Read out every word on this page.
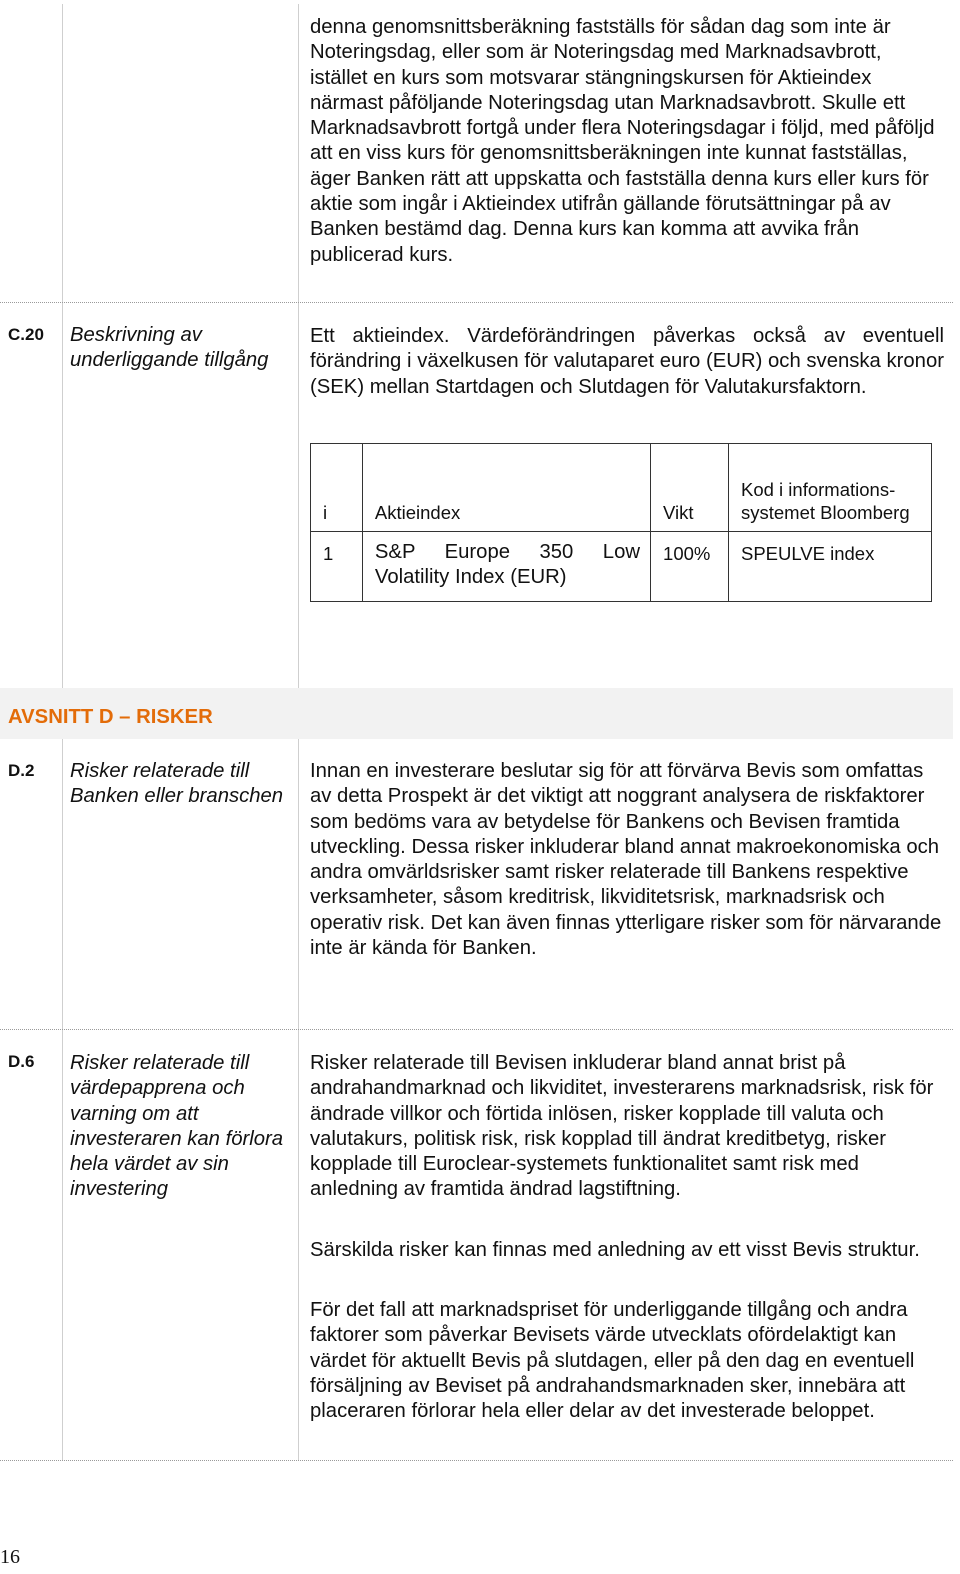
denna genomsnittsberäkning fastställs för sådan dag som inte är Noteringsdag, eller som är Noteringsdag med Marknadsavbrott, istället en kurs som motsvarar stängningskursen för Aktieindex närmast påföljande Noteringsdag utan Marknadsavbrott. Skulle ett Marknadsavbrott fortgå under flera Noteringsdagar i följd, med påföljd att en viss kurs för genomsnittsberäkningen inte kunnat fastställas, äger Banken rätt att uppskatta och fastställa denna kurs eller kurs för aktie som ingår i Aktieindex utifrån gällande förutsättningar på av Banken bestämd dag. Denna kurs kan komma att avvika från publicerad kurs.

C.20 Beskrivning av underliggande tillgång

Ett aktieindex. Värdeförändringen påverkas också av eventuell förändring i växelkusen för valutaparet euro (EUR) och svenska kronor (SEK) mellan Startdagen och Slutdagen för Valutakursfaktorn.

i	Aktieindex	Vikt	Kod i informations-systemet Bloomberg

1	S&P Europe 350 Low Volatility Index (EUR)	100%	SPEULVE index
AVSNITT D – RISKER
D.2 Risker relaterade till Banken eller branschen

Innan en investerare beslutar sig för att förvärva Bevis som omfattas av detta Prospekt är det viktigt att noggrant analysera de riskfaktorer som bedöms vara av betydelse för Bankens och Bevisen framtida utveckling. Dessa risker inkluderar bland annat makroekonomiska och andra omvärldsrisker samt risker relaterade till Bankens respektive verksamheter, såsom kreditrisk, likviditetsrisk, marknadsrisk och operativ risk. Det kan även finnas ytterligare risker som för närvarande inte är kända för Banken.

D.6 Risker relaterade till värdepapprena och varning om att investeraren kan förlora hela värdet av sin investering

Risker relaterade till Bevisen inkluderar bland annat brist på andrahandmarknad och likviditet, investerarens marknadsrisk, risk för ändrade villkor och förtida inlösen, risker kopplade till valuta och valutakurs, politisk risk, risk kopplad till ändrat kreditbetyg, risker kopplade till Euroclear-systemets funktionalitet samt risk med anledning av framtida ändrad lagstiftning.

Särskilda risker kan finnas med anledning av ett visst Bevis struktur.

För det fall att marknadspriset för underliggande tillgång och andra faktorer som påverkar Bevisets värde utvecklats ofördelaktigt kan värdet för aktuellt Bevis på slutdagen, eller på den dag en eventuell försäljning av Beviset på andrahandsmarknaden sker, innebära att placeraren förlorar hela eller delar av det investerade beloppet.

16
